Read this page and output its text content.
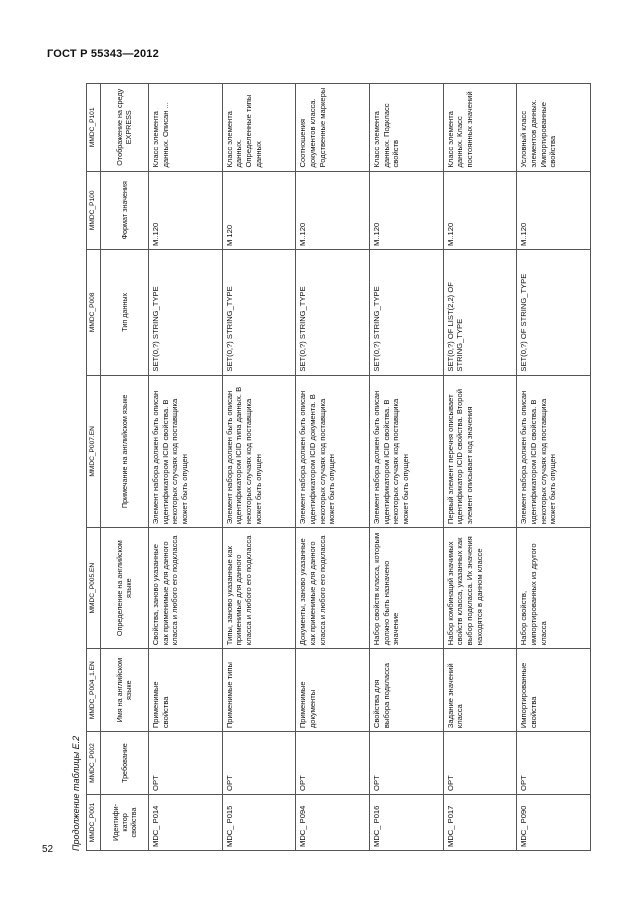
ГОСТ Р 55343—2012
52	Продолжение таблицы Е.2	MMDC_P001	MMDC_P002	MMDC_P004_1.EN	MMDC_P005.EN	MMDC_P007.EN	MMDC_P008	MMDC_P100	MMDC_P101
Идентифи-катор свойства	Требование	Имя на английском языке	Определение на английском языке	Примечание на английском языке	Тип данных	Формат значения	Отображение на среду EXPRESS
MDC_ P014	OPT	Применимые свойства	Свойства, заново указанные как применимые для данного класса и любого его подкласса	Элемент набора должен быть описан идентификатором ICID свойства. В некоторых случаях код поставщика может быть опущен	SET(0,?) STRING_TYPE	M..120	Класс элемента данных. Описан ...
MDC_ P015	OPT	Применимые типы	Типы, заново указанные как применимые для данного класса и любого его подкласса	Элемент набора должен быть описан идентификатором ICID типа данных. В некоторых случаях код поставщика может быть опущен	SET(0,?) STRING_TYPE	M 120	Класс элемента данных. Определенные типы данных
MDC_ P094	OPT	Применимые документы	Документы, заново указанные как применимые для данного класса и любого его подкласса	Элемент набора должен быть описан идентификатором ICID документа. В некоторых случаях код поставщика может быть опущен	SET(0,?) STRING_TYPE	M..120	Соотношения документов класса. Родственные маркеры
MDC_ P016	OPT	Свойства для выбора подкласса	Набор свойств класса, которым должно быть назначено значение	Элемент набора должен быть описан идентификатором ICID свойства. В некоторых случаях код поставщика может быть опущен	SET(0,?) STRING_TYPE	M..120	Класс элемента данных. Подкласс свойств
MDC_ P017	OPT	Задание значений класса	Набор комбинаций значимых свойств класса, указанных как выбор подкласса. Их значения находятся в данном классе	Первый элемент перечня описывает идентификатор ICID свойства. Второй элемент описывает код значения	SET(0,?) OF LIST(2,2) OF STRING_TYPE	M..120	Класс элемента данных. Класс постоянных значений
MDC_ P090	OPT	Импортированные свойства	Набор свойств, импортированных из другого класса	Элемент набора должен быть описан идентификатором ICID свойства. В некоторых случаях код поставщика может быть опущен	SET(0,?) OF STRING_TYPE	M..120	Условный класс элементов данных. Импортированные свойства
